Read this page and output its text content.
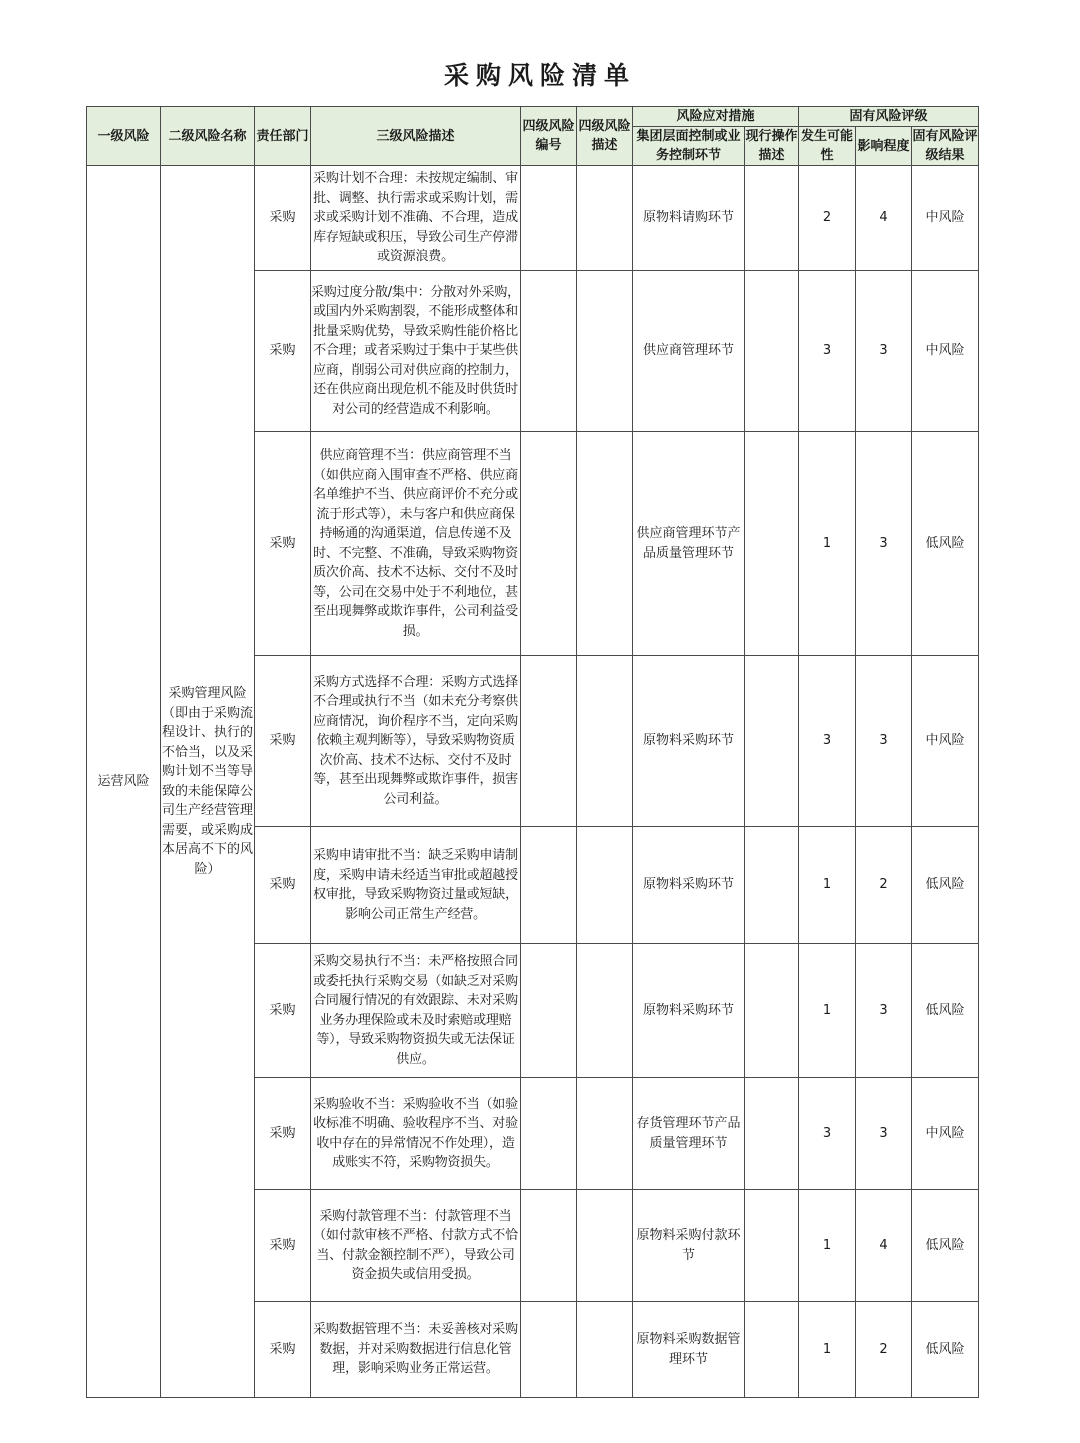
采购风险清单
一级风险	二级风险名称	责任部门	三级风险描述	四级风险编号	四级风险描述	风险应对措施		固有风险评级		
						集团层面控制或业务控制环节	现行操作描述	发生可能性	影响程度	固有风险评级结果
运营风险	采购管理风险（即由于采购流程设计、执行的不恰当，以及采购计划不当等导致的未能保障公司生产经营管理需要，或采购成本居高不下的风险）	采购	采购计划不合理：未按规定编制、审批、调整、执行需求或采购计划，需求或采购计划不准确、不合理，造成库存短缺或积压，导致公司生产停滞或资源浪费。			原物料请购环节		2	4	中风险
		采购	采购过度分散/集中：分散对外采购，或国内外采购割裂，不能形成整体和批量采购优势，导致采购性能价格比不合理；或者采购过于集中于某些供应商，削弱公司对供应商的控制力，还在供应商出现危机不能及时供货时对公司的经营造成不利影响。			供应商管理环节		3	3	中风险
		采购	供应商管理不当：供应商管理不当（如供应商入围审查不严格、供应商名单维护不当、供应商评价不充分或流于形式等），未与客户和供应商保持畅通的沟通渠道，信息传递不及时、不完整、不准确，导致采购物资质次价高、技术不达标、交付不及时等，公司在交易中处于不利地位，甚至出现舞弊或欺诈事件，公司利益受损。			供应商管理环节产品质量管理环节		1	3	低风险
		采购	采购方式选择不合理：采购方式选择不合理或执行不当（如未充分考察供应商情况，询价程序不当，定向采购依赖主观判断等），导致采购物资质次价高、技术不达标、交付不及时等，甚至出现舞弊或欺诈事件，损害公司利益。			原物料采购环节		3	3	中风险
		采购	采购申请审批不当：缺乏采购申请制度，采购申请未经适当审批或超越授权审批，导致采购物资过量或短缺，影响公司正常生产经营。			原物料采购环节		1	2	低风险
		采购	采购交易执行不当：未严格按照合同或委托执行采购交易（如缺乏对采购合同履行情况的有效跟踪、未对采购业务办理保险或未及时索赔或理赔等），导致采购物资损失或无法保证供应。			原物料采购环节		1	3	低风险
		采购	采购验收不当：采购验收不当（如验收标准不明确、验收程序不当、对验收中存在的异常情况不作处理），造成账实不符，采购物资损失。			存货管理环节产品质量管理环节		3	3	中风险
		采购	采购付款管理不当：付款管理不当（如付款审核不严格、付款方式不恰当、付款金额控制不严），导致公司资金损失或信用受损。			原物料采购付款环节		1	4	低风险
		采购	采购数据管理不当：未妥善核对采购数据，并对采购数据进行信息化管理，影响采购业务正常运营。			原物料采购数据管理环节		1	2	低风险
